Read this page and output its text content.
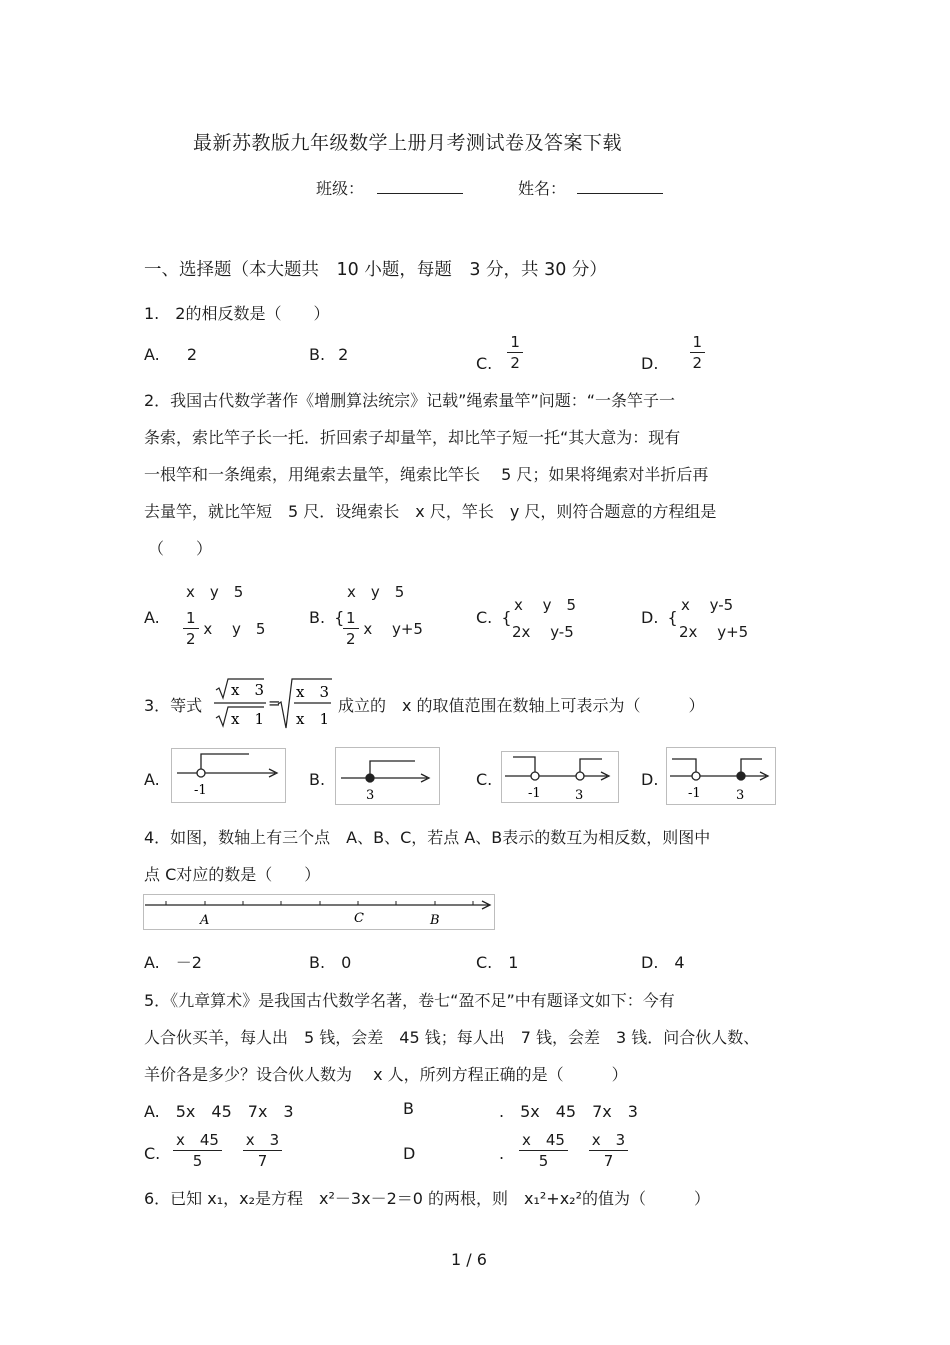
最新苏教版九年级数学上册月考测试卷及答案下载
班级：	姓名：
一、选择题（本大题共　10 小题，每题　3 分，共 30 分）
1.　2的相反数是（　　）
A. 2	B. 2	C. $\frac{1}{2}$	D. $\frac{1}{2}$
2．我国古代数学著作《增删算法统宗》记载”绳索量竿”问题：“一条竿子一
条索，索比竿子长一托．折回索子却量竿，却比竿子短一托“其大意为：现有
一根竿和一条绳索，用绳索去量竿，绳索比竿长　 5 尺；如果将绳索对半折后再
去量竿，就比竿短　5 尺．设绳索长　x 尺，竿长　y 尺，则符合题意的方程组是
（　　）
A.
x　y　5
$\frac{1}{2}$ x　 y　5
B. {
x　y　5
$\frac{1}{2}$ x　 y+5
C. {
x　 y　5
2x　 y-5
D. {
x　 y-5
2x　 y+5
3．等式
x　3
x　1
=
x　3
x　1
成立的　x 的取值范围在数轴上可表示为（　　　）
A.
-1
B.
3
C.
-1	3
D.
-1	3
4．如图，数轴上有三个点　A、B、C，若点 A、B表示的数互为相反数，则图中
点 C对应的数是（　　）
A	C	B
A.　－2	B.　0	C.　1	D.　4
5．《九章算术》是我国古代数学名著，卷七“盈不足”中有题译文如下：今有
人合伙买羊，每人出　5 钱，会差　45 钱；每人出　7 钱，会差　3 钱．问合伙人数、
羊价各是多少？设合伙人数为　 x 人，所列方程正确的是（　　　）
A.　5x　45　7x　3	B	.　5x　45　7x　3
C. $\frac{x 45}{5}$
$\frac{x 3}{7}$	D	. $\frac{x 45}{5}$
$\frac{x 3}{7}$
6．已知 x₁，x₂是方程　x²－3x－2＝0 的两根，则　x₁²+x₂²的值为（　　　）
1 / 6
